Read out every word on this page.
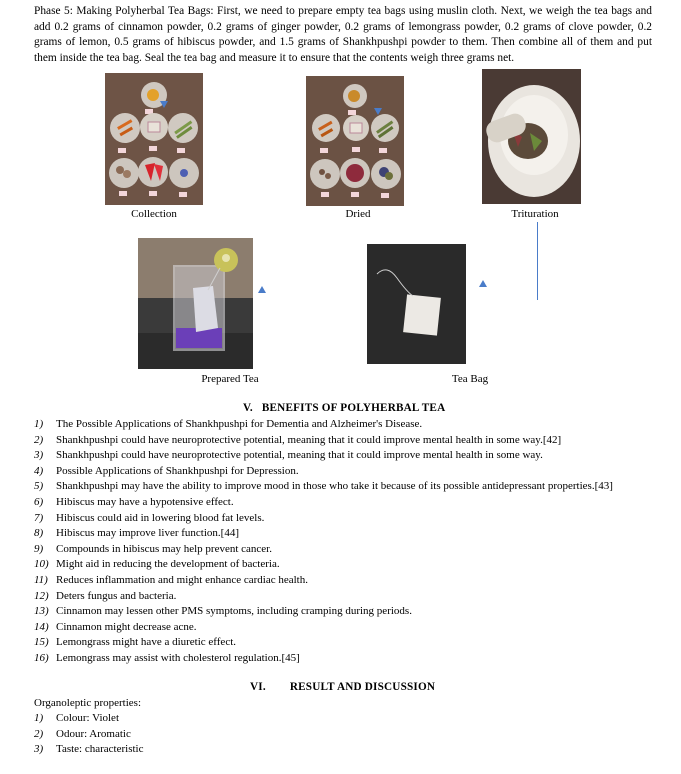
Phase 5: Making Polyherbal Tea Bags: First, we need to prepare empty tea bags using muslin cloth. Next, we weigh the tea bags and add 0.2 grams of cinnamon powder, 0.2 grams of ginger powder, 0.2 grams of lemongrass powder, 0.2 grams of clove powder, 0.2 grams of lemon, 0.5 grams of hibiscus powder, and 1.5 grams of Shankhpushpi powder to them. Then combine all of them and put them inside the tea bag. Seal the tea bag and measure it to ensure that the contents weigh three grams net.

Collection	Dried	Trituration
Prepared Tea	Tea Bag
V. BENEFITS OF POLYHERBAL TEA
1) The Possible Applications of Shankhpushpi for Dementia and Alzheimer's Disease.
2) Shankhpushpi could have neuroprotective potential, meaning that it could improve mental health in some way.[42]
3) Shankhpushpi could have neuroprotective potential, meaning that it could improve mental health in some way.
4) Possible Applications of Shankhpushpi for Depression.
5) Shankhpushpi may have the ability to improve mood in those who take it because of its possible antidepressant properties.[43]
6) Hibiscus may have a hypotensive effect.
7) Hibiscus could aid in lowering blood fat levels.
8) Hibiscus may improve liver function.[44]
9) Compounds in hibiscus may help prevent cancer.
10) Might aid in reducing the development of bacteria.
11) Reduces inflammation and might enhance cardiac health.
12) Deters fungus and bacteria.
13) Cinnamon may lessen other PMS symptoms, including cramping during periods.
14) Cinnamon might decrease acne.
15) Lemongrass might have a diuretic effect.
16) Lemongrass may assist with cholesterol regulation.[45]
VI. RESULT AND DISCUSSION
Organoleptic properties:
1) Colour: Violet
2) Odour: Aromatic
3) Taste: characteristic
